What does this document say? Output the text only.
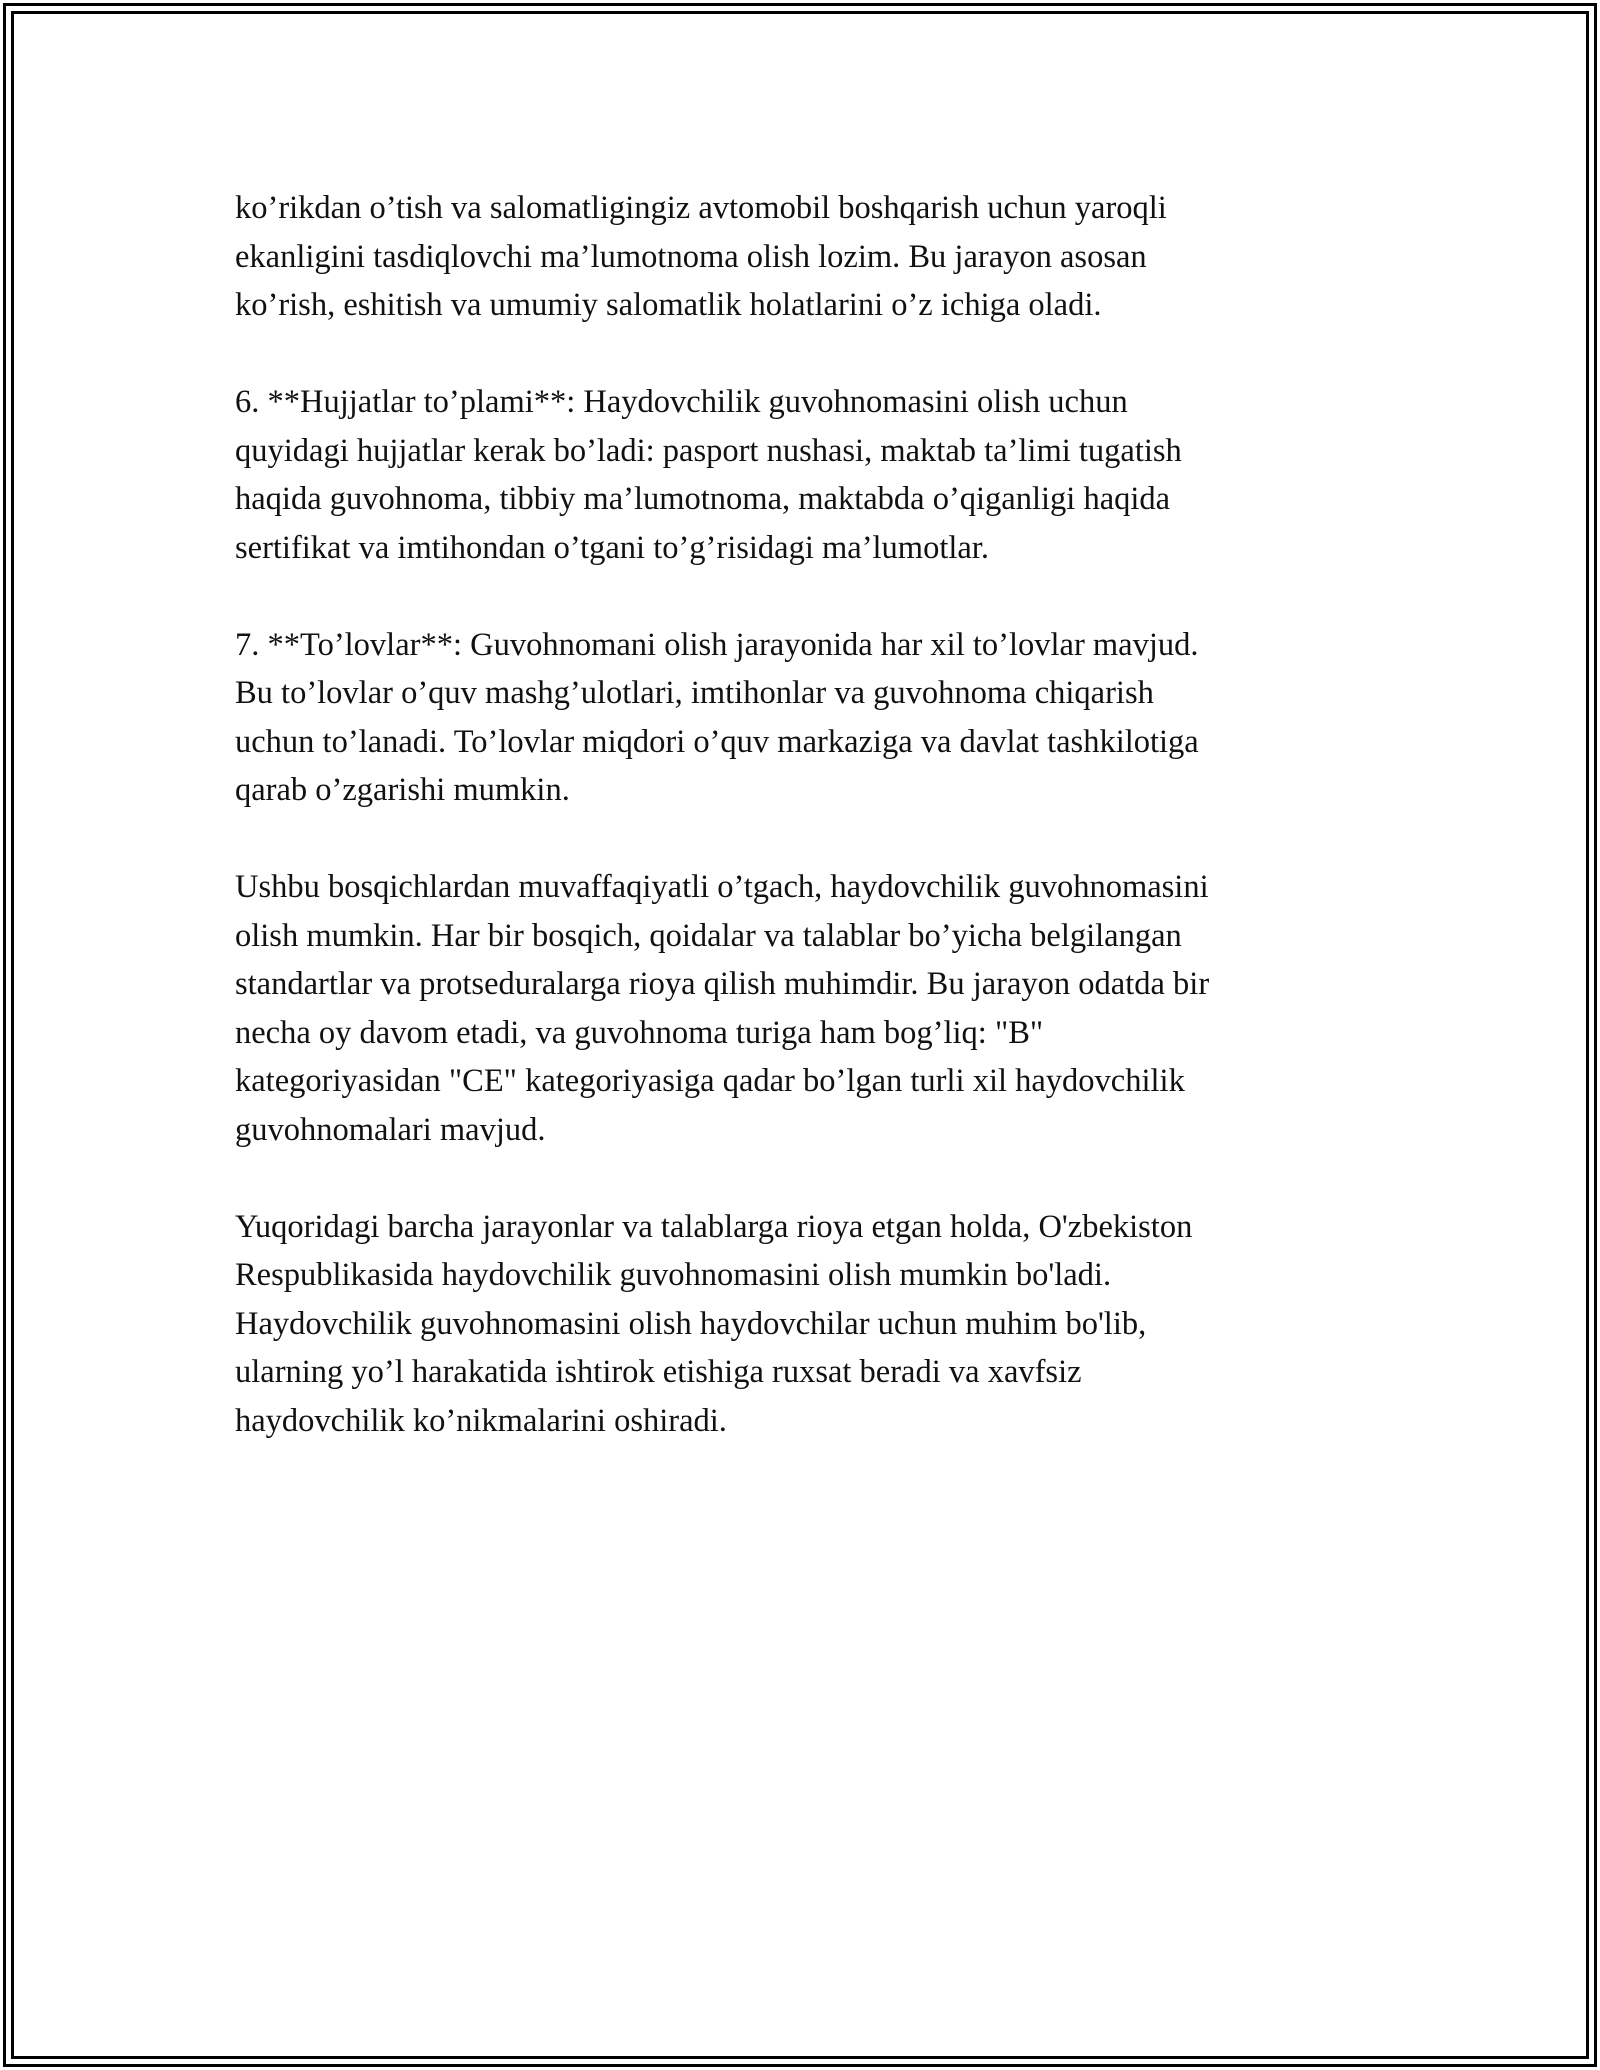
ko’rikdan o’tish va salomatligingiz avtomobil boshqarish uchun yaroqli
ekanligini tasdiqlovchi ma’lumotnoma olish lozim. Bu jarayon asosan
ko’rish, eshitish va umumiy salomatlik holatlarini o’z ichiga oladi.

6. **Hujjatlar to’plami**: Haydovchilik guvohnomasini olish uchun
quyidagi hujjatlar kerak bo’ladi: pasport nushasi, maktab ta’limi tugatish
haqida guvohnoma, tibbiy ma’lumotnoma, maktabda o’qiganligi haqida
sertifikat va imtihondan o’tgani to’g’risidagi ma’lumotlar.

7. **To’lovlar**: Guvohnomani olish jarayonida har xil to’lovlar mavjud.
Bu to’lovlar o’quv mashg’ulotlari, imtihonlar va guvohnoma chiqarish
uchun to’lanadi. To’lovlar miqdori o’quv markaziga va davlat tashkilotiga
qarab o’zgarishi mumkin.

Ushbu bosqichlardan muvaffaqiyatli o’tgach, haydovchilik guvohnomasini
olish mumkin. Har bir bosqich, qoidalar va talablar bo’yicha belgilangan
standartlar va protseduralarga rioya qilish muhimdir. Bu jarayon odatda bir
necha oy davom etadi, va guvohnoma turiga ham bog’liq: "B"
kategoriyasidan "CE" kategoriyasiga qadar bo’lgan turli xil haydovchilik
guvohnomalari mavjud.

Yuqoridagi barcha jarayonlar va talablarga rioya etgan holda, O'zbekiston
Respublikasida haydovchilik guvohnomasini olish mumkin bo'ladi.
Haydovchilik guvohnomasini olish haydovchilar uchun muhim bo'lib,
ularning yo’l harakatida ishtirok etishiga ruxsat beradi va xavfsiz
haydovchilik ko’nikmalarini oshiradi.
